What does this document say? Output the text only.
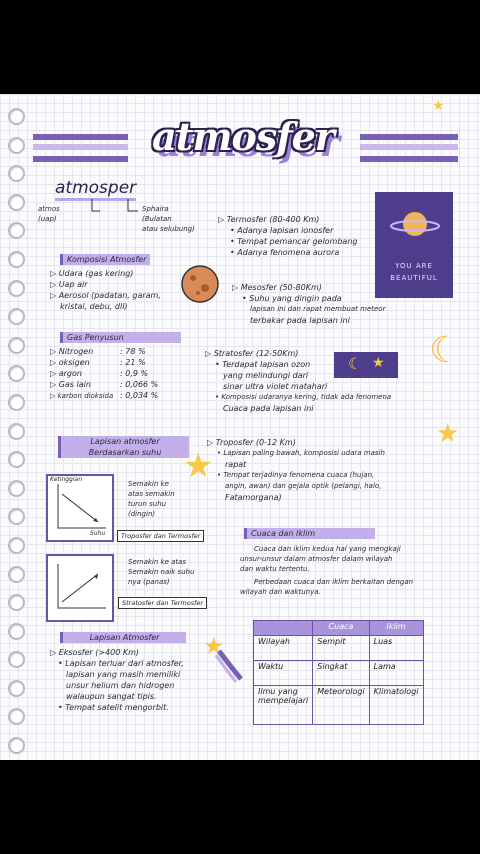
atmosfer
★
atmosper
atmos
(uap)
Sphaira
(Bulatan
atau selubung)
Komposisi Atmosfer
▷ Udara (gas kering)
▷ Uap air
▷ Aerosol (padatan, garam,
kristal, debu, dll)
Gas Penyusun
▷ Nitrogen	: 78 %
▷ oksigen	: 21 %
▷ argon	: 0,9 %
▷ Gas lain	: 0,066 %
▷ karbon dioksida : 0,034 %
Lapisan atmosfer Berdasarkan suhu ★
Ketinggian
Suhu
Semakin ke
atas semakin
turun suhu
(dingin)
Troposfer dan Termosfer
Semakin ke atas
Semakin naik suhu
nya (panas)
Stratosfer dan Termosfer
Lapisan Atmosfer
▷ Eksosfer (>400 Km)
• Lapisan terluar dari atmosfer,
lapisan yang masih memiliki
unsur helium dan hidrogen
walaupun sangat tipis.
• Tempat satelit mengorbit.
★
▷ Termosfer (80-400 Km)
• Adanya lapisan ionosfer
• Tempat pemancar gelombang
• Adanya fenomena aurora
YOU ARE
BEAUTIFUL
▷ Mesosfer (50-80Km)
• Suhu yang dingin pada
lapisan ini dan rapat membuat meteor
terbakar pada lapisan ini
☾
▷ Stratosfer (12-50Km)
• Terdapat lapisan ozon
yang melindungi dari
sinar ultra violet matahari
• Komposisi udaranya kering, tidak ada fenomena
Cuaca pada lapisan ini
☾ ★
★
▷ Troposfer (0-12 Km)
• Lapisan paling bawah, komposisi udara masih
rapat
• Tempat terjadinya fenomena cuaca (hujan,
angin, awan) dan gejala optik (pelangi, halo,
Fatamorgana)
Cuaca dan Iklim
Cuaca dan iklim kedua hal yang mengkaji
unsur-unsur dalam atmosfer dalam wilayah
dan waktu tertentu.
Perbedaan cuaca dan iklim berkaitan dengan
wilayah dan waktunya.
	Cuaca	Iklim
Wilayah	Sempit	Luas
Waktu	Singkat	Lama
Ilmu yang mempelajari	Meteorologi	Klimatologi
